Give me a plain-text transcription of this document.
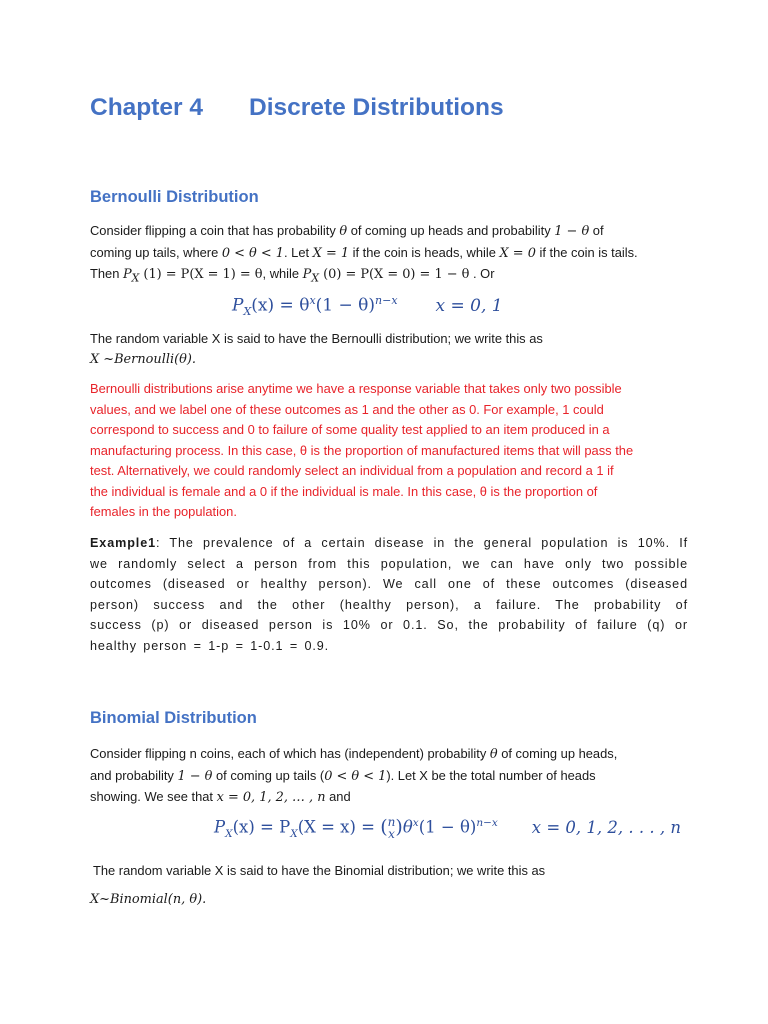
Chapter 4 Discrete Distributions
Bernoulli Distribution
Consider flipping a coin that has probability θ of coming up heads and probability 1 − θ of
coming up tails, where 0 < θ < 1. Let X = 1 if the coin is heads, while X = 0 if the coin is tails.
Then $P_X$ (1) = P(X = 1) = θ, while $P_X$ (0) = P(X = 0) = 1 − θ . Or
$P_X(x) = \theta^x(1 - \theta)^{n-x}$ x = 0, 1
The random variable X is said to have the Bernoulli distribution; we write this as
X ~Bernoulli(θ).
Bernoulli distributions arise anytime we have a response variable that takes only two possible
values, and we label one of these outcomes as 1 and the other as 0. For example, 1 could
correspond to success and 0 to failure of some quality test applied to an item produced in a
manufacturing process. In this case, θ is the proportion of manufactured items that will pass the
test. Alternatively, we could randomly select an individual from a population and record a 1 if
the individual is female and a 0 if the individual is male. In this case, θ is the proportion of
females in the population.
Example1: The prevalence of a certain disease in the general population is 10%. If
we randomly select a person from this population, we can have only two possible
outcomes (diseased or healthy person). We call one of these outcomes (diseased
person) success and the other (healthy person), a failure. The probability of
success (p) or diseased person is 10% or 0.1. So, the probability of failure (q) or
healthy person = 1-p = 1-0.1 = 0.9.
Binomial Distribution
Consider flipping n coins, each of which has (independent) probability θ of coming up heads,
and probability 1 − θ of coming up tails (0 < θ < 1). Let X be the total number of heads
showing. We see that x = 0, 1, 2, … , n and
$P_X(x) = P_X(X = x) = (n$
$x)\theta^x(1 - \theta)^{n-x}$ x = 0, 1, 2, . . . , n
The random variable X is said to have the Binomial distribution; we write this as
X~Binomial(n, θ).
